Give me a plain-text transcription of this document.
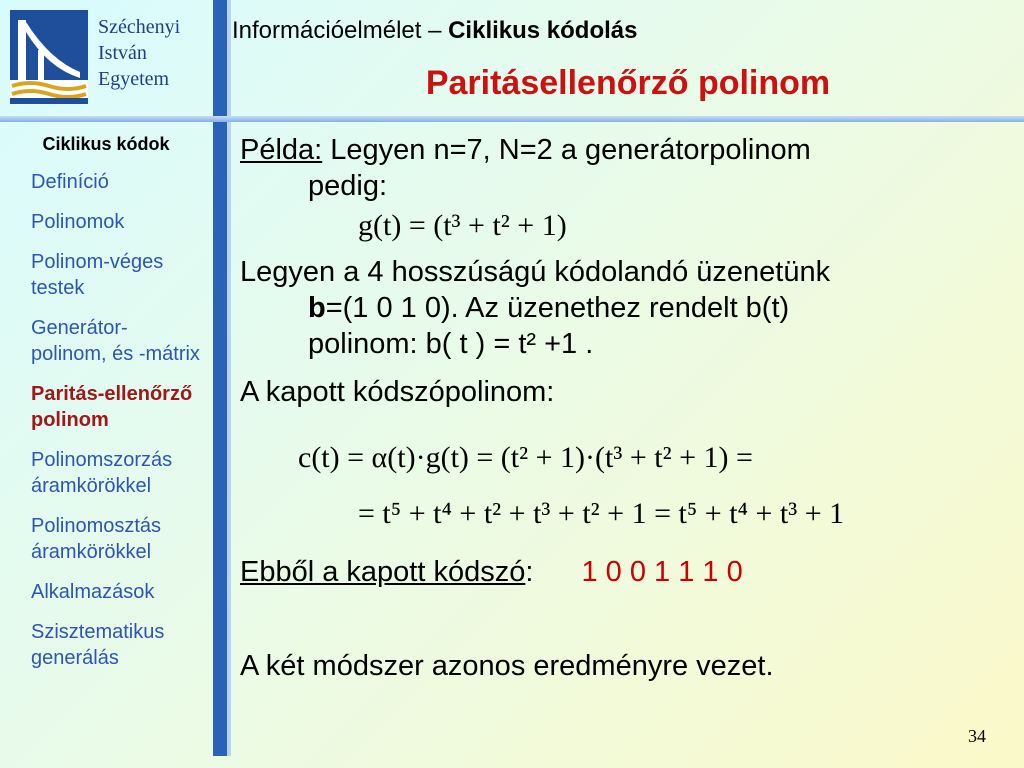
Széchenyi
István
Egyetem
Információelmélet – Ciklikus kódolás
Paritásellenőrző polinom
Ciklikus kódok
Definíció
Polinomok
Polinom-véges testek
Generátor-polinom, és -mátrix
Paritás-ellenőrző polinom
Polinomszorzás áramkörökkel
Polinomosztás áramkörökkel
Alkalmazások
Szisztematikus generálás
Példa: Legyen n=7, N=2 a generátorpolinom
pedig:
g(t) = (t³ + t² + 1)
Legyen a 4 hosszúságú kódolandó üzenetünk
b=(1 0 1 0). Az üzenethez rendelt b(t)
polinom: b( t ) = t² +1 .
A kapott kódszópolinom:
c(t) = α(t)·g(t) = (t² + 1)·(t³ + t² + 1) =
= t⁵ + t⁴ + t² + t³ + t² + 1 = t⁵ + t⁴ + t³ + 1
Ebből a kapott kódszó: 1 0 0 1 1 1 0
A két módszer azonos eredményre vezet.
34
